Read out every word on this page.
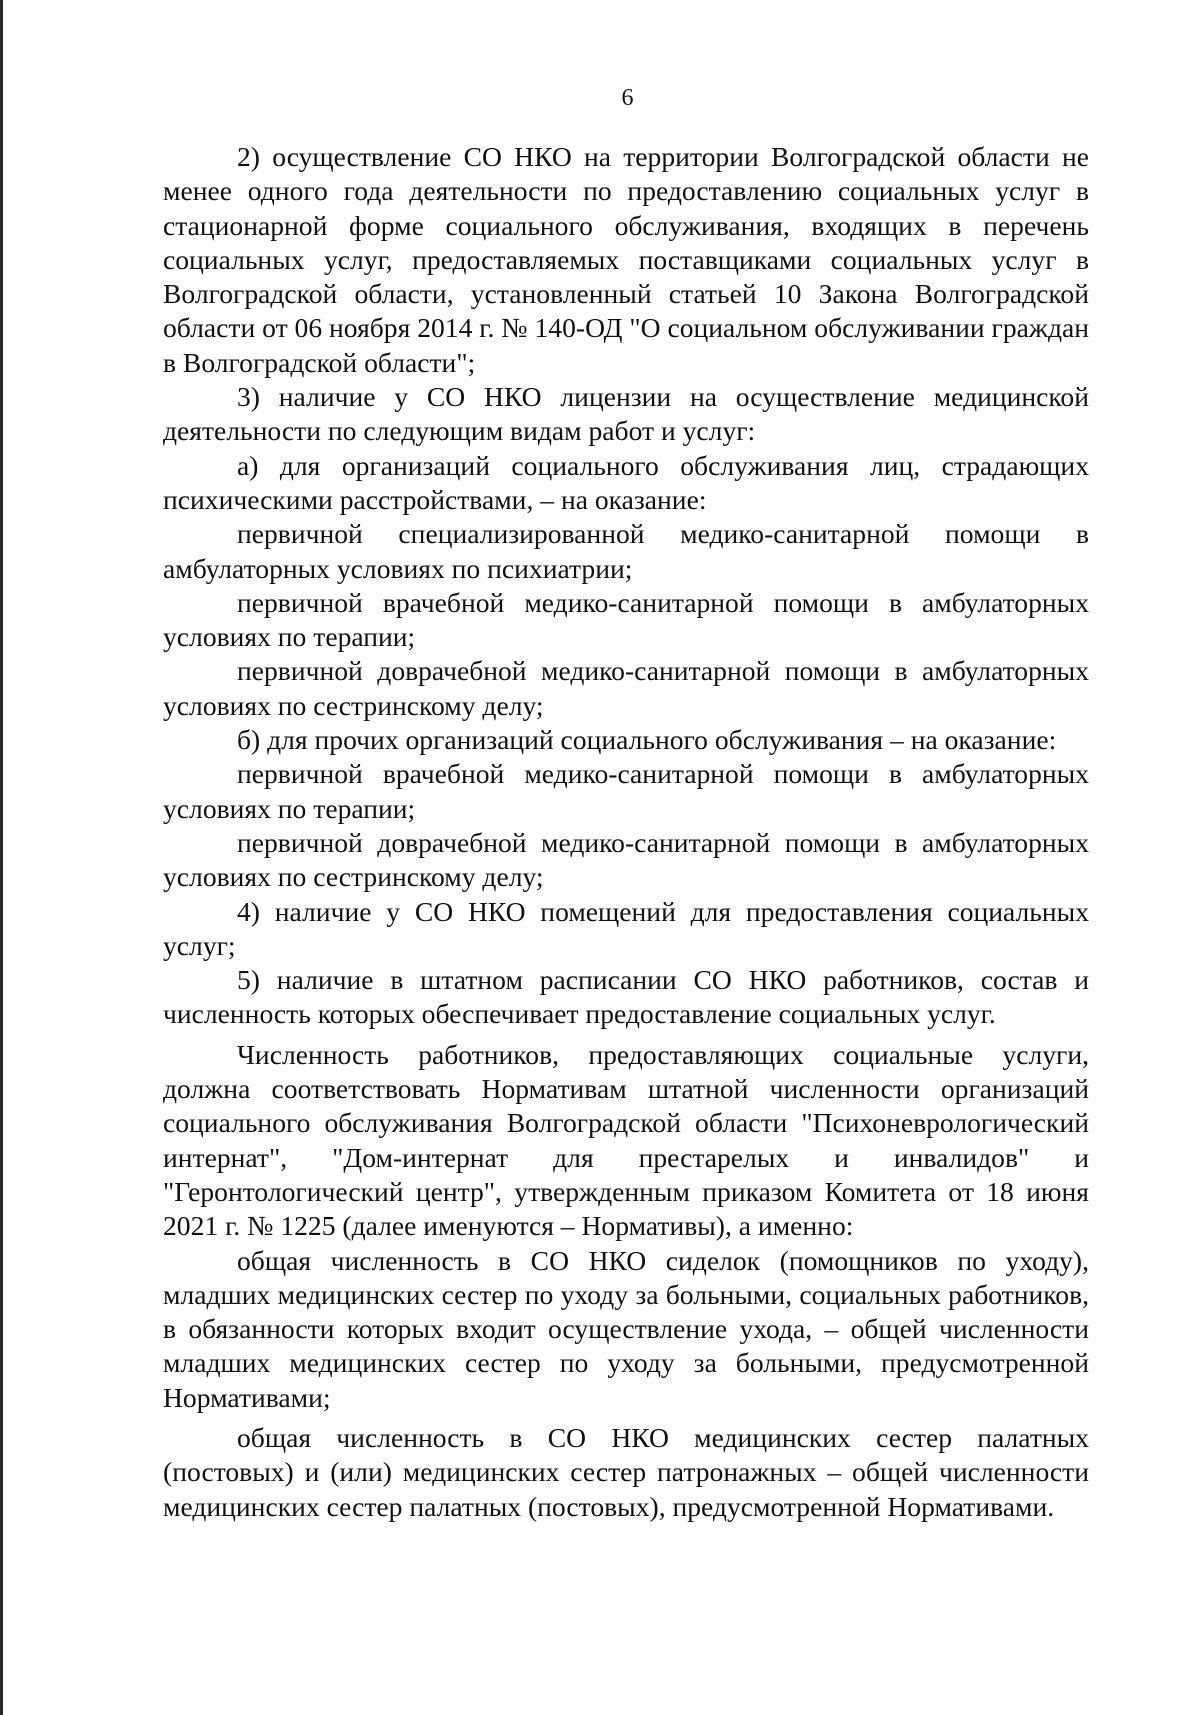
6

2) осуществление СО НКО на территории Волгоградской области не менее одного года деятельности по предоставлению социальных услуг в стационарной форме социального обслуживания, входящих в перечень социальных услуг, предоставляемых поставщиками социальных услуг в Волгоградской области, установленный статьей 10 Закона Волгоградской области от 06 ноября 2014 г. № 140-ОД "О социальном обслуживании граждан в Волгоградской области";

3) наличие у СО НКО лицензии на осуществление медицинской деятельности по следующим видам работ и услуг:

а) для организаций социального обслуживания лиц, страдающих психическими расстройствами, – на оказание:

первичной специализированной медико-санитарной помощи в амбулаторных условиях по психиатрии;

первичной врачебной медико-санитарной помощи в амбулаторных условиях по терапии;

первичной доврачебной медико-санитарной помощи в амбулаторных условиях по сестринскому делу;

б) для прочих организаций социального обслуживания – на оказание:

первичной врачебной медико-санитарной помощи в амбулаторных условиях по терапии;

первичной доврачебной медико-санитарной помощи в амбулаторных условиях по сестринскому делу;

4) наличие у СО НКО помещений для предоставления социальных услуг;

5) наличие в штатном расписании СО НКО работников, состав и численность которых обеспечивает предоставление социальных услуг.

Численность работников, предоставляющих социальные услуги, должна соответствовать Нормативам штатной численности организаций социального обслуживания Волгоградской области "Психоневрологический интернат", "Дом-интернат для престарелых и инвалидов" и "Геронтологический центр", утвержденным приказом Комитета от 18 июня 2021 г. № 1225 (далее именуются – Нормативы), а именно:

общая численность в СО НКО сиделок (помощников по уходу), младших медицинских сестер по уходу за больными, социальных работников, в обязанности которых входит осуществление ухода, – общей численности младших медицинских сестер по уходу за больными, предусмотренной Нормативами;

общая численность в СО НКО медицинских сестер палатных (постовых) и (или) медицинских сестер патронажных – общей численности медицинских сестер палатных (постовых), предусмотренной Нормативами.
